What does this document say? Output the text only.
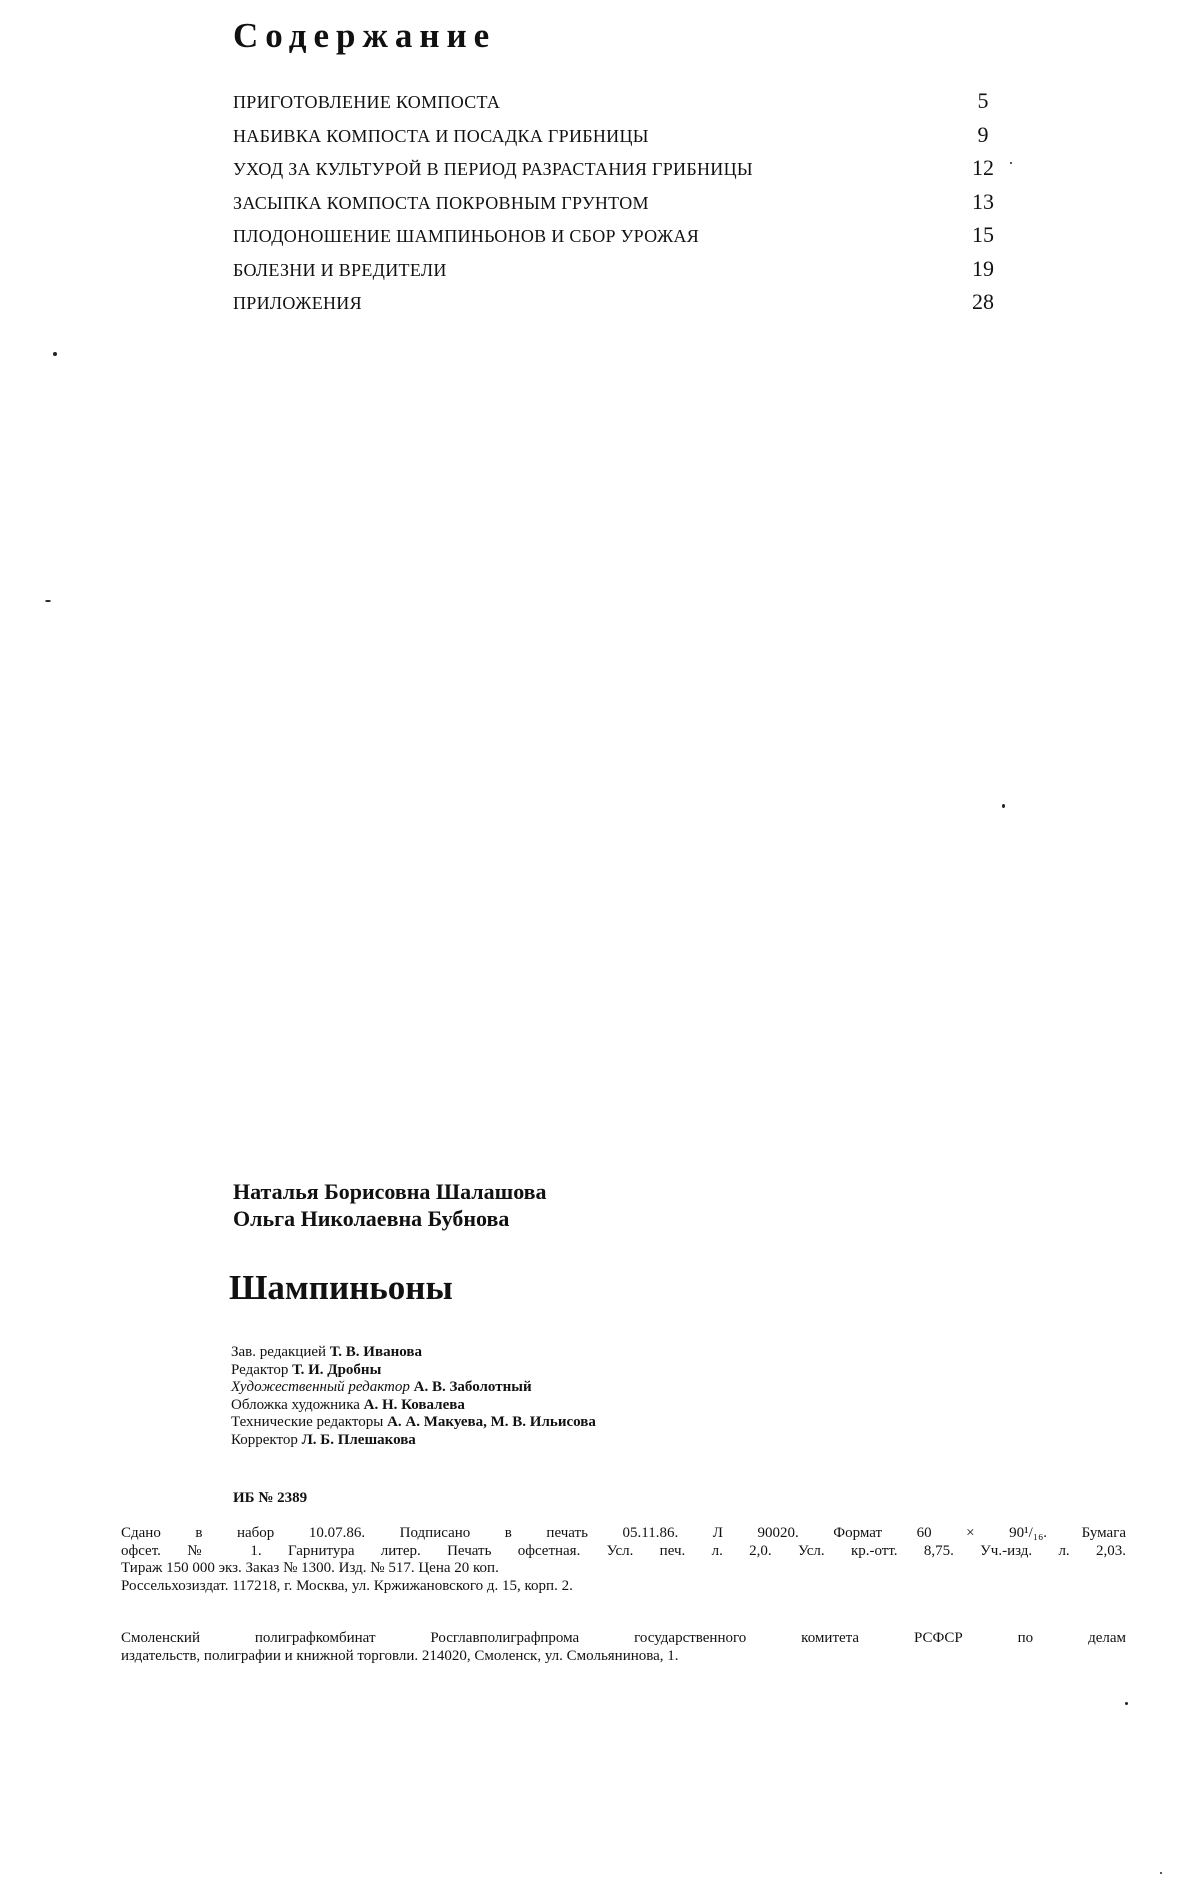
Содержание
ПРИГОТОВЛЕНИЕ КОМПОСТА	5
НАБИВКА КОМПОСТА И ПОСАДКА ГРИБНИЦЫ	9
УХОД ЗА КУЛЬТУРОЙ В ПЕРИОД РАЗРАСТАНИЯ ГРИБНИЦЫ	12
ЗАСЫПКА КОМПОСТА ПОКРОВНЫМ ГРУНТОМ	13
ПЛОДОНОШЕНИЕ ШАМПИНЬОНОВ И СБОР УРОЖАЯ	15
БОЛЕЗНИ И ВРЕДИТЕЛИ	19
ПРИЛОЖЕНИЯ	28
Наталья Борисовна Шалашова
Ольга Николаевна Бубнова
Шампиньоны
Зав. редакцией Т. В. Иванова
Редактор Т. И. Дробны
Художественный редактор А. В. Заболотный
Обложка художника А. Н. Ковалева
Технические редакторы А. А. Макуева, М. В. Ильисова
Корректор Л. Б. Плешакова
ИБ № 2389
Сдано в набор 10.07.86. Подписано в печать 05.11.86. Л 90020. Формат 60 × 90¹/₁₆. Бумага
офсет. № 1. Гарнитура литер. Печать офсетная. Усл. печ. л. 2,0. Усл. кр.-отт. 8,75. Уч.-изд. л. 2,03.
Тираж 150 000 экз. Заказ № 1300. Изд. № 517. Цена 20 коп.
Россельхозиздат. 117218, г. Москва, ул. Кржижановского д. 15, корп. 2.
Смоленский полиграфкомбинат Росглавполиграфпрома государственного комитета РСФСР по делам
издательств, полиграфии и книжной торговли. 214020, Смоленск, ул. Смольянинова, 1.
